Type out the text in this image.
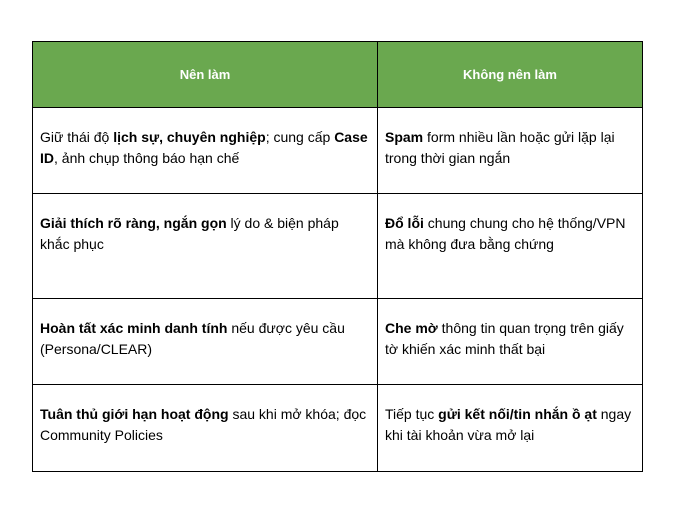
Nên làm	Không nên làm
Giữ thái độ lịch sự, chuyên nghiệp; cung cấp Case ID, ảnh chụp thông báo hạn chế	Spam form nhiều lần hoặc gửi lặp lại trong thời gian ngắn
Giải thích rõ ràng, ngắn gọn lý do & biện pháp khắc phục	Đổ lỗi chung chung cho hệ thống/VPN mà không đưa bằng chứng
Hoàn tất xác minh danh tính nếu được yêu cầu (Persona/CLEAR)	Che mờ thông tin quan trọng trên giấy tờ khiến xác minh thất bại
Tuân thủ giới hạn hoạt động sau khi mở khóa; đọc Community Policies	Tiếp tục gửi kết nối/tin nhắn ồ ạt ngay khi tài khoản vừa mở lại
